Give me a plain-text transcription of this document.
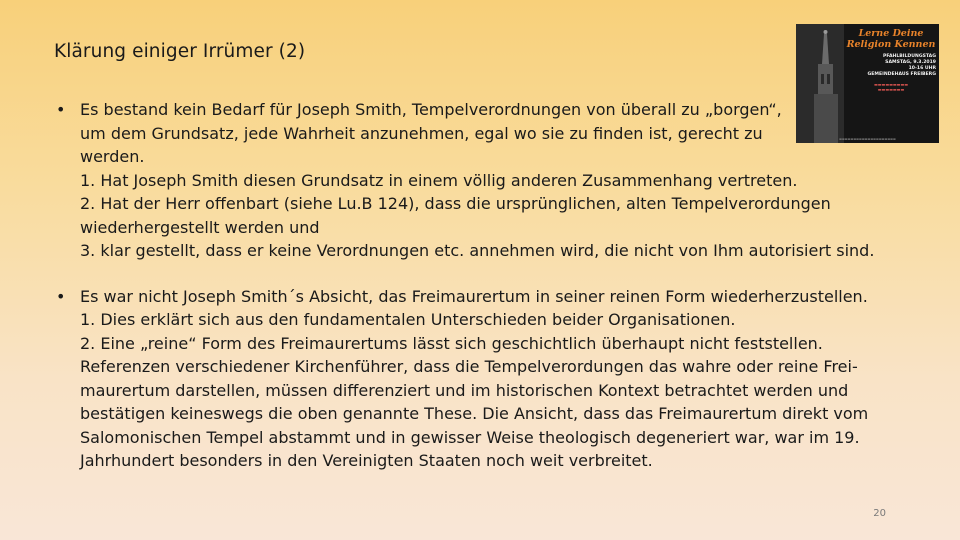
Klärung einiger Irrümer (2)
Lerne Deine
Religion Kennen
PFAHLBILDUNGSTAG
SAMSTAG, 9.3.2019
10-16 UHR
GEMEINDEHAUS FREIBERG
▬▬▬▬▬▬▬▬▬
▬▬▬▬▬▬▬
▬▬▬▬▬▬▬▬▬▬▬▬▬▬▬▬▬▬▬▬
• Es bestand kein Bedarf für Joseph Smith, Tempelverordnungen von überall zu „borgen“,
um dem Grundsatz, jede Wahrheit anzunehmen, egal wo sie zu finden ist, gerecht zu
werden.
1. Hat Joseph Smith diesen Grundsatz in einem völlig anderen Zusammenhang vertreten.
2. Hat der Herr offenbart (siehe Lu.B 124), dass die ursprünglichen, alten Tempelverordungen
wiederhergestellt werden und
3. klar gestellt, dass er keine Verordnungen etc. annehmen wird, die nicht von Ihm autorisiert sind.
• Es war nicht Joseph Smith´s Absicht, das Freimaurertum in seiner reinen Form wiederherzustellen.
1. Dies erklärt sich aus den fundamentalen Unterschieden beider Organisationen.
2. Eine „reine“ Form des Freimaurertums lässt sich geschichtlich überhaupt nicht feststellen.
Referenzen verschiedener Kirchenführer, dass die Tempelverordungen das wahre oder reine Frei-
maurertum darstellen, müssen differenziert und im historischen Kontext betrachtet werden und
bestätigen keineswegs die oben genannte These. Die Ansicht, dass das Freimaurertum direkt vom
Salomonischen Tempel abstammt und in gewisser Weise theologisch degeneriert war, war im 19.
Jahrhundert besonders in den Vereinigten Staaten noch weit verbreitet.
20
